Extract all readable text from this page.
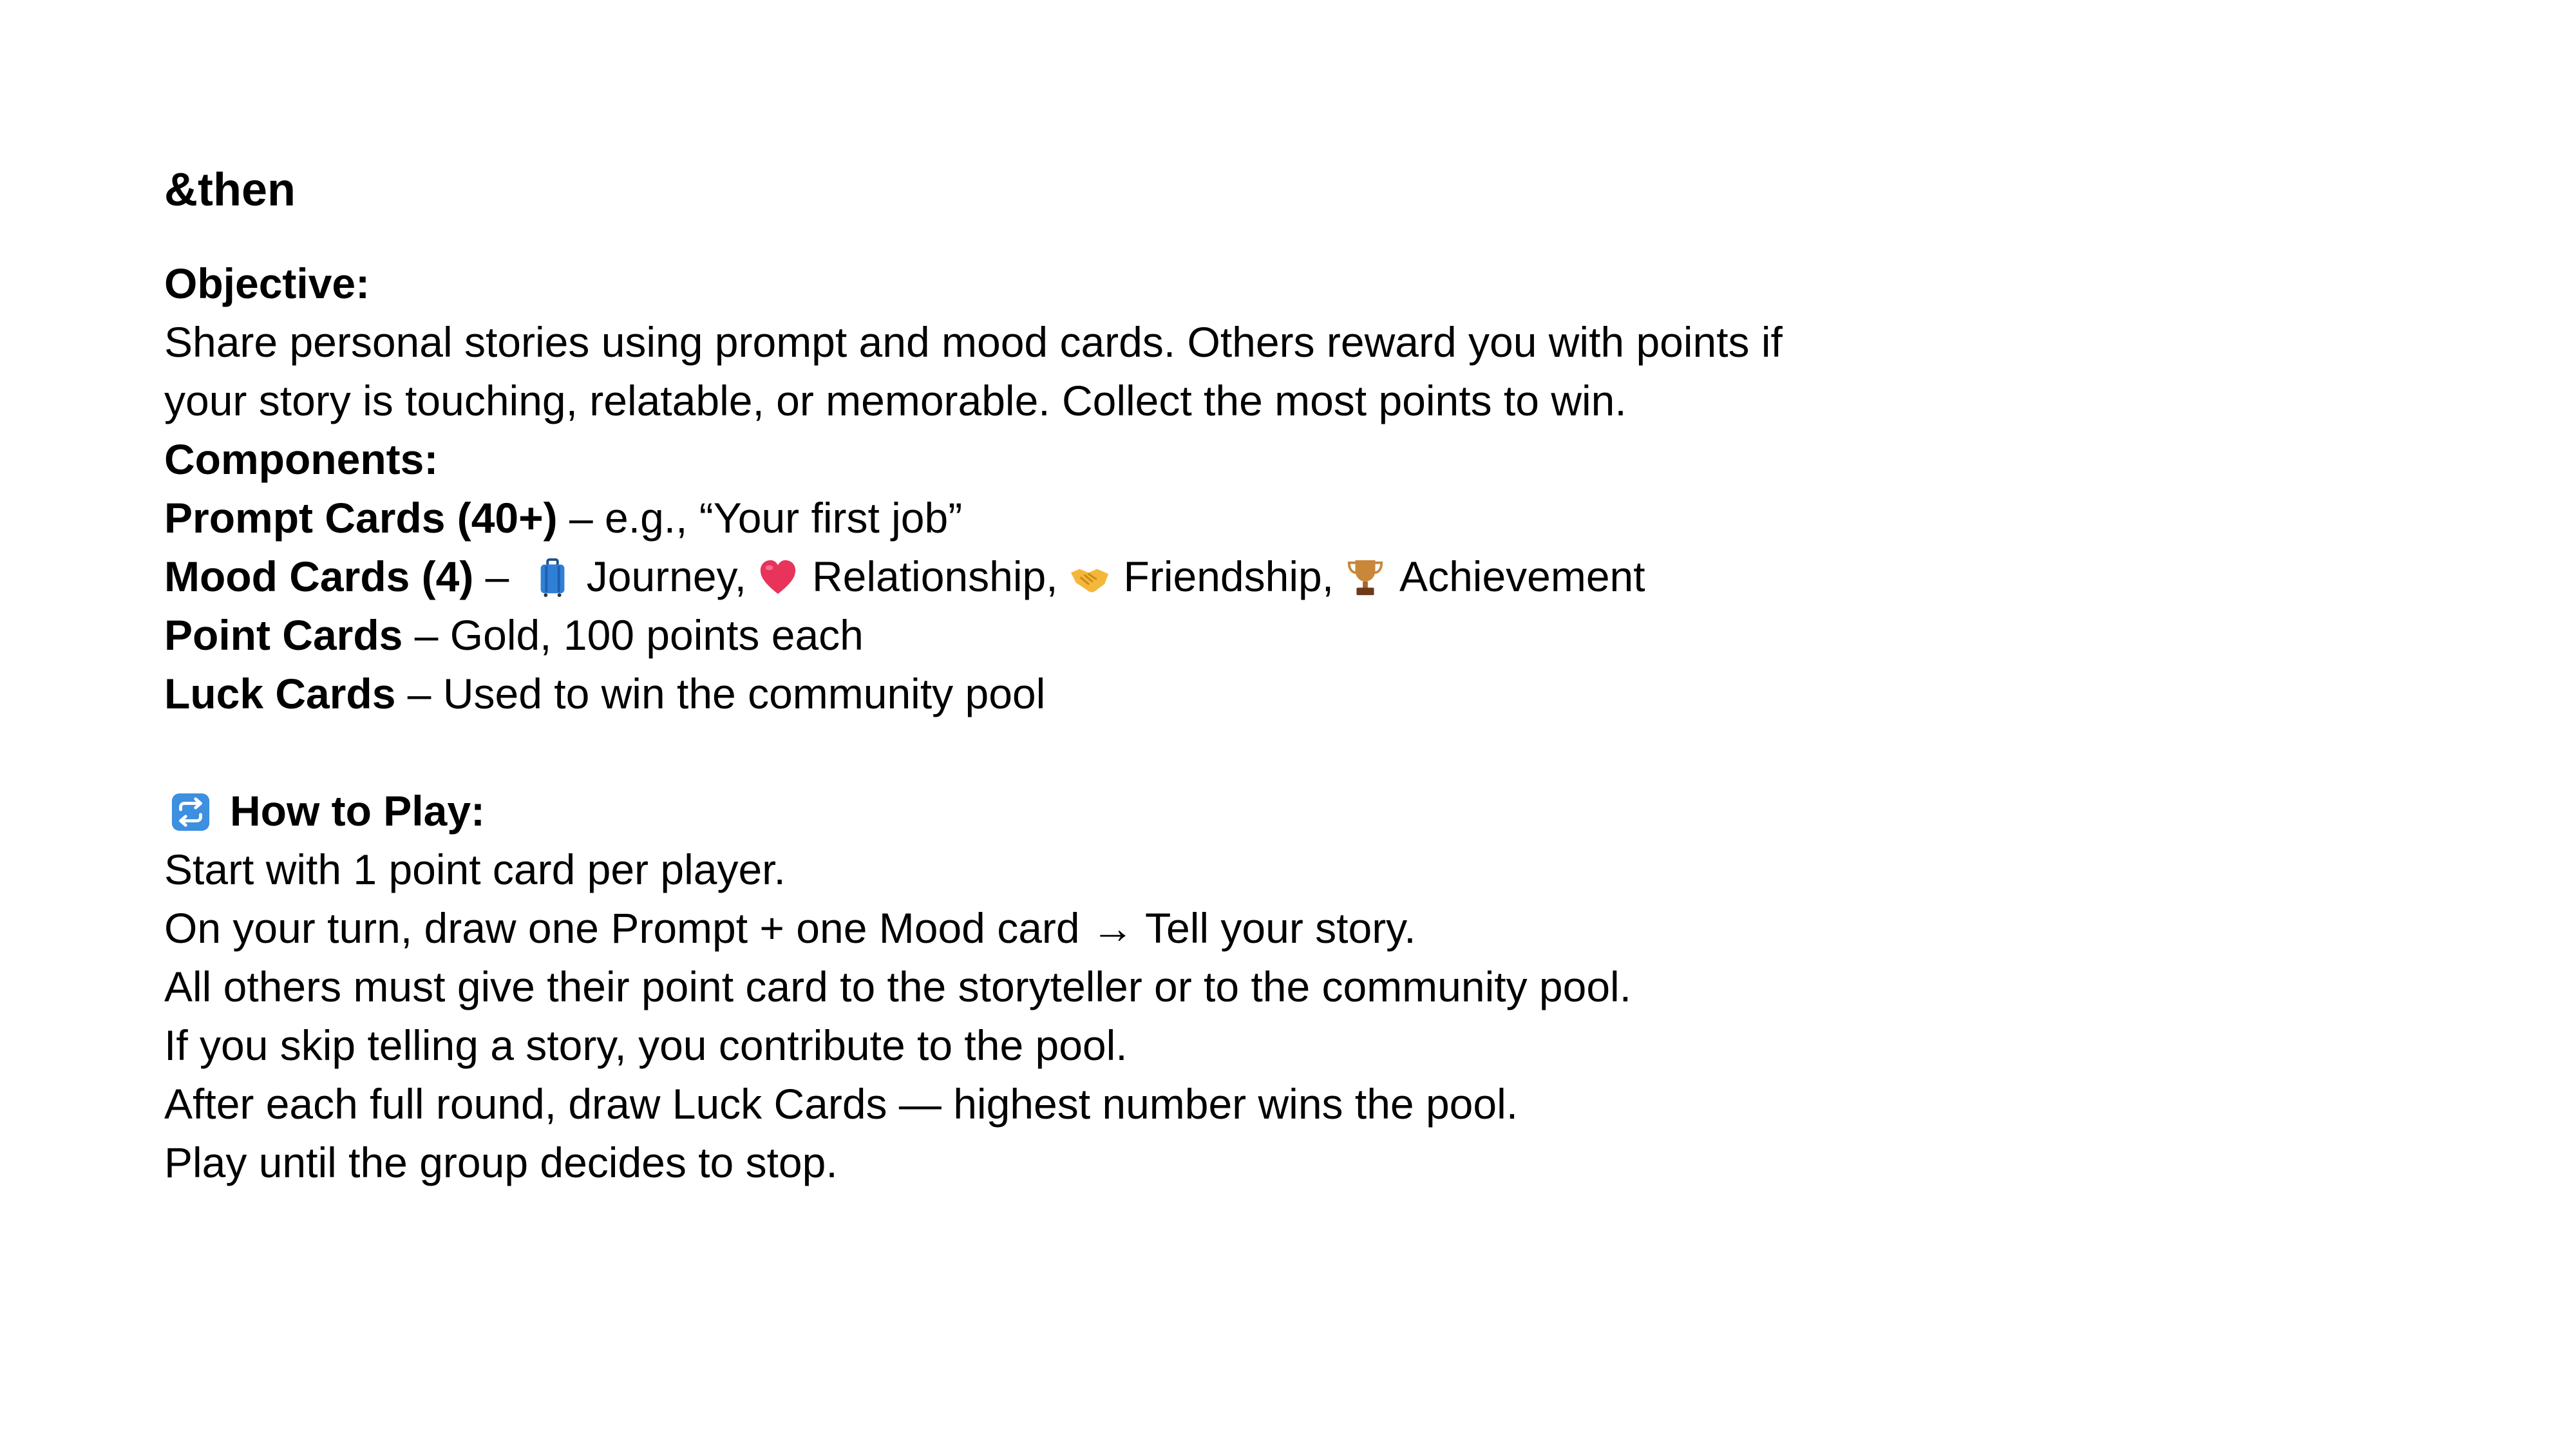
&then
Objective:
Share personal stories using prompt and mood cards. Others reward you with points if your story is touching, relatable, or memorable. Collect the most points to win.
Components:
Prompt Cards (40+) – e.g., “Your first job”
Mood Cards (4) –
Journey, Relationship, Friendship, Achievement
Point Cards – Gold, 100 points each
Luck Cards – Used to win the community pool
How to Play:
Start with 1 point card per player.
On your turn, draw one Prompt + one Mood card → Tell your story.
All others must give their point card to the storyteller or to the community pool.
If you skip telling a story, you contribute to the pool.
After each full round, draw Luck Cards — highest number wins the pool.
Play until the group decides to stop.
